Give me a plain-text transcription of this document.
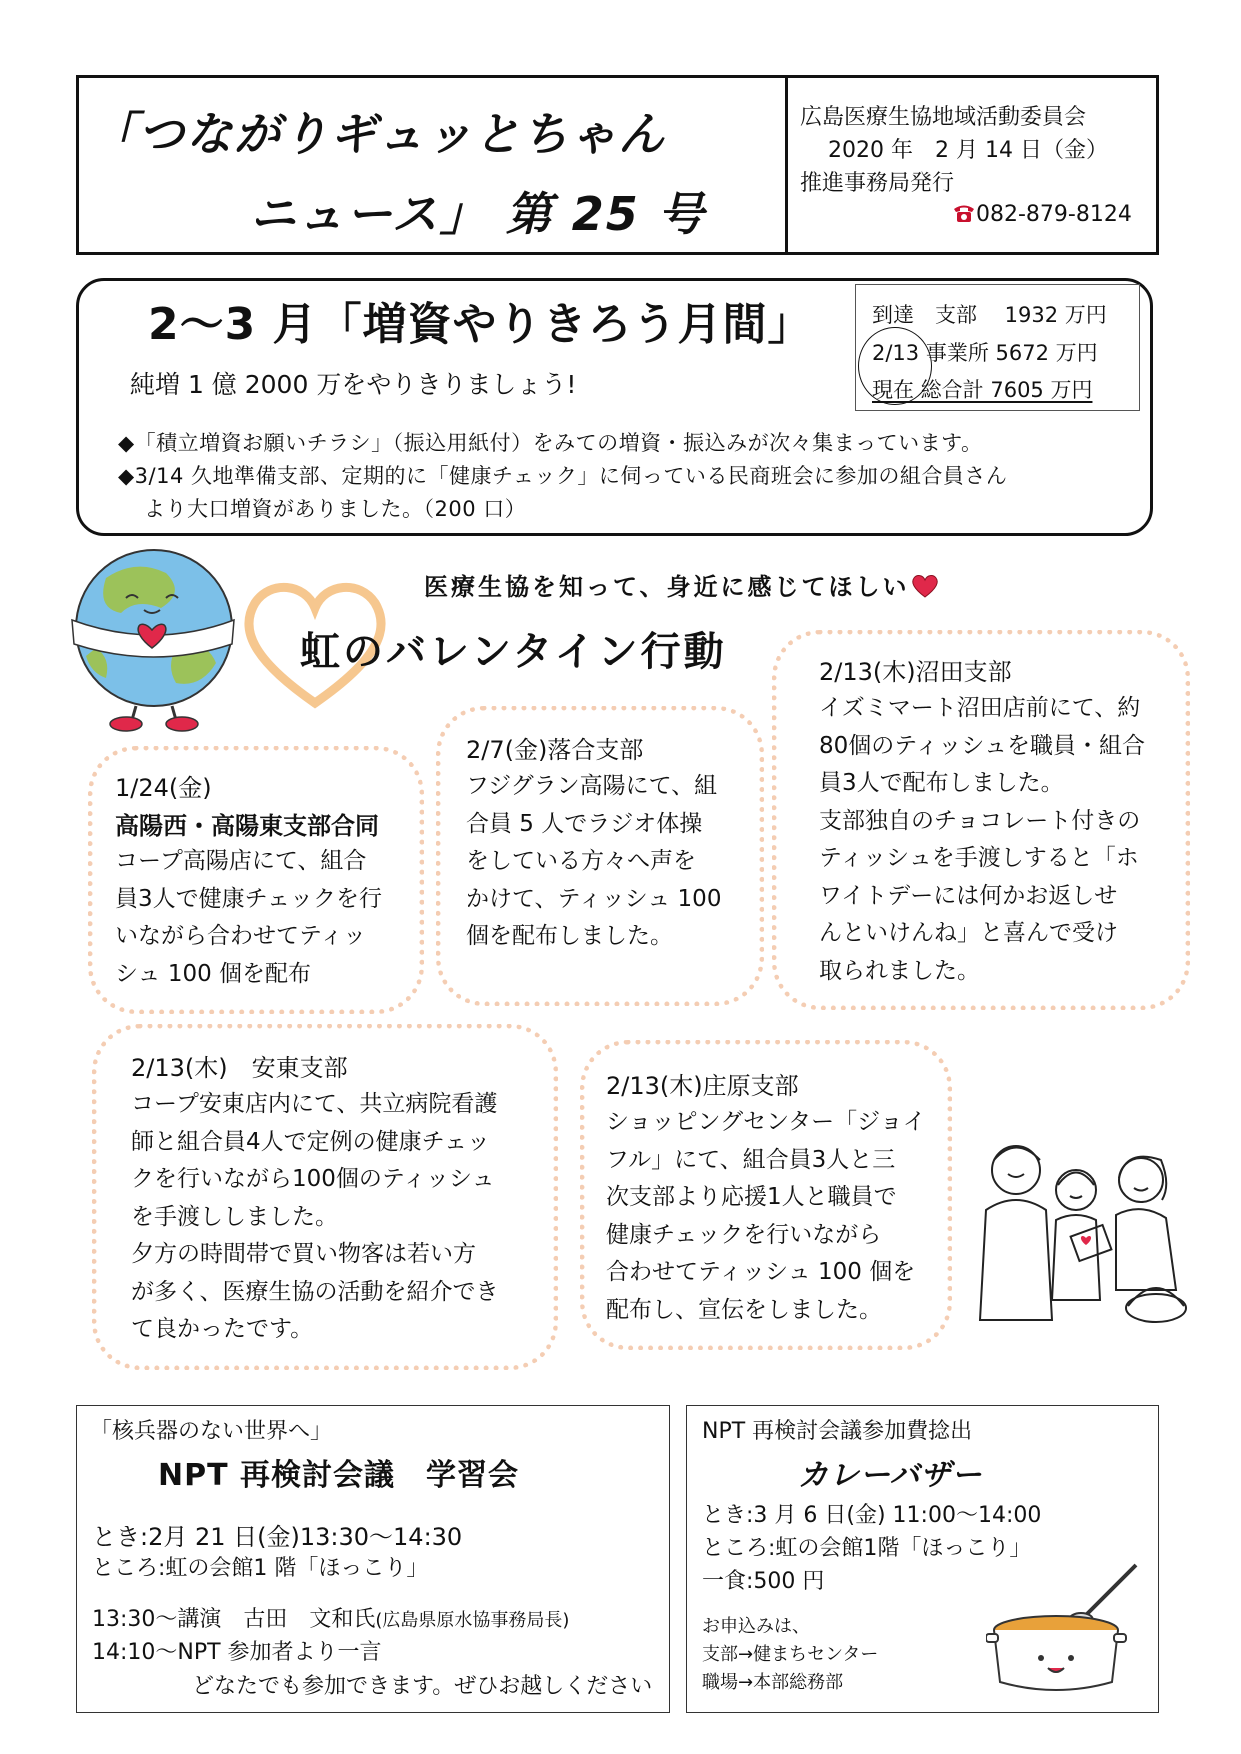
「つながりギュッとちゃん
ニュース」 第 25 号
広島医療生協地域活動委員会
2020 年　2 月 14 日（金）
推進事務局発行
082-879-8124
2～3 月「増資やりきろう月間」
純増 1 億 2000 万をやりきりましょう!
到達　支部　 1932 万円
2/13 事業所 5672 万円
現在 総合計 7605 万円
◆「積立増資お願いチラシ」（振込用紙付）をみての増資・振込みが次々集まっています。
◆3/14 久地準備支部、定期的に「健康チェック」に伺っている民商班会に参加の組合員さん
より大口増資がありました。（200 口）
医療生協を知って、身近に感じてほしい
虹のバレンタイン行動
1/24(金)
高陽西・高陽東支部合同
コープ高陽店にて、組合
員3人で健康チェックを行
いながら合わせてティッ
シュ 100 個を配布
2/7(金)落合支部
フジグラン高陽にて、組
合員 5 人でラジオ体操
をしている方々へ声を
かけて、ティッシュ 100
個を配布しました。
2/13(木)沼田支部
イズミマート沼田店前にて、約
80個のティッシュを職員・組合
員3人で配布しました。
支部独自のチョコレート付きの
ティッシュを手渡しすると「ホ
ワイトデーには何かお返しせ
んといけんね」と喜んで受け
取られました。
2/13(木)　安東支部
コープ安東店内にて、共立病院看護
師と組合員4人で定例の健康チェッ
クを行いながら100個のティッシュ
を手渡ししました。
夕方の時間帯で買い物客は若い方
が多く、医療生協の活動を紹介でき
て良かったです。
2/13(木)庄原支部
ショッピングセンター「ジョイ
フル」にて、組合員3人と三
次支部より応援1人と職員で
健康チェックを行いながら
合わせてティッシュ 100 個を
配布し、宣伝をしました。
「核兵器のない世界へ」
NPT 再検討会議　学習会
とき:2月 21 日(金)13:30～14:30
ところ:虹の会館1 階「ほっこり」
13:30～講演　古田　文和氏(広島県原水協事務局長)
14:10～NPT 参加者より一言
どなたでも参加できます。ぜひお越しください
NPT 再検討会議参加費捻出
カレーバザー
とき:3 月 6 日(金) 11:00～14:00
ところ:虹の会館1階「ほっこり」
一食:500 円
お申込みは、
支部→健まちセンター
職場→本部総務部
